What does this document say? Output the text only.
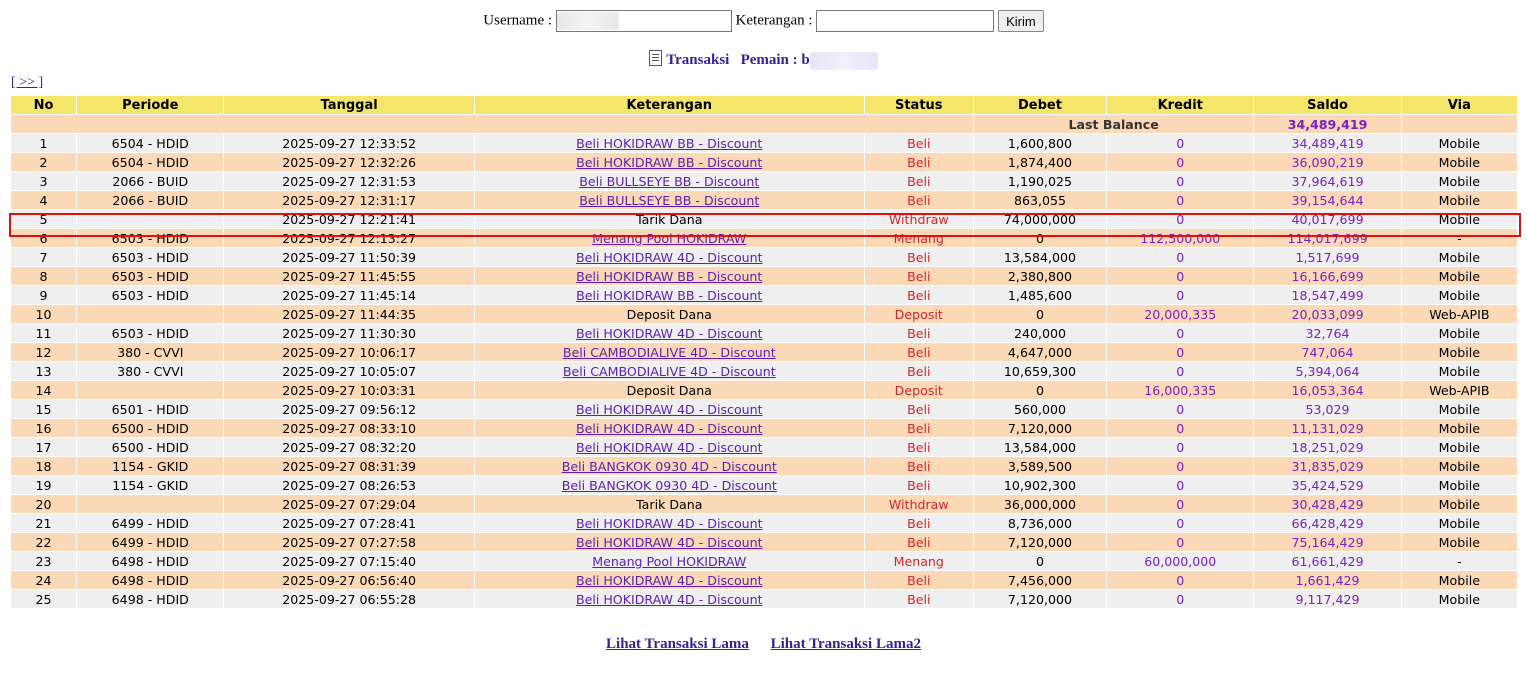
Username : b	Keterangan :	Kirim
Transaksi Pemain : b
[ >> ]
No	Periode	Tanggal	Keterangan	Status	Debet	Kredit	Saldo	Via
					Last Balance		34,489,419	
1	6504 - HDID	2025-09-27 12:33:52	Beli HOKIDRAW BB - Discount	Beli	1,600,800	0	34,489,419	Mobile
2	6504 - HDID	2025-09-27 12:32:26	Beli HOKIDRAW BB - Discount	Beli	1,874,400	0	36,090,219	Mobile
3	2066 - BUID	2025-09-27 12:31:53	Beli BULLSEYE BB - Discount	Beli	1,190,025	0	37,964,619	Mobile
4	2066 - BUID	2025-09-27 12:31:17	Beli BULLSEYE BB - Discount	Beli	863,055	0	39,154,644	Mobile
5		2025-09-27 12:21:41	Tarik Dana	Withdraw	74,000,000	0	40,017,699	Mobile
6	6503 - HDID	2025-09-27 12:13:27	Menang Pool HOKIDRAW	Menang	0	112,500,000	114,017,699	-
7	6503 - HDID	2025-09-27 11:50:39	Beli HOKIDRAW 4D - Discount	Beli	13,584,000	0	1,517,699	Mobile
8	6503 - HDID	2025-09-27 11:45:55	Beli HOKIDRAW BB - Discount	Beli	2,380,800	0	16,166,699	Mobile
9	6503 - HDID	2025-09-27 11:45:14	Beli HOKIDRAW BB - Discount	Beli	1,485,600	0	18,547,499	Mobile
10		2025-09-27 11:44:35	Deposit Dana	Deposit	0	20,000,335	20,033,099	Web-APIB
11	6503 - HDID	2025-09-27 11:30:30	Beli HOKIDRAW 4D - Discount	Beli	240,000	0	32,764	Mobile
12	380 - CVVI	2025-09-27 10:06:17	Beli CAMBODIALIVE 4D - Discount	Beli	4,647,000	0	747,064	Mobile
13	380 - CVVI	2025-09-27 10:05:07	Beli CAMBODIALIVE 4D - Discount	Beli	10,659,300	0	5,394,064	Mobile
14		2025-09-27 10:03:31	Deposit Dana	Deposit	0	16,000,335	16,053,364	Web-APIB
15	6501 - HDID	2025-09-27 09:56:12	Beli HOKIDRAW 4D - Discount	Beli	560,000	0	53,029	Mobile
16	6500 - HDID	2025-09-27 08:33:10	Beli HOKIDRAW 4D - Discount	Beli	7,120,000	0	11,131,029	Mobile
17	6500 - HDID	2025-09-27 08:32:20	Beli HOKIDRAW 4D - Discount	Beli	13,584,000	0	18,251,029	Mobile
18	1154 - GKID	2025-09-27 08:31:39	Beli BANGKOK 0930 4D - Discount	Beli	3,589,500	0	31,835,029	Mobile
19	1154 - GKID	2025-09-27 08:26:53	Beli BANGKOK 0930 4D - Discount	Beli	10,902,300	0	35,424,529	Mobile
20		2025-09-27 07:29:04	Tarik Dana	Withdraw	36,000,000	0	30,428,429	Mobile
21	6499 - HDID	2025-09-27 07:28:41	Beli HOKIDRAW 4D - Discount	Beli	8,736,000	0	66,428,429	Mobile
22	6499 - HDID	2025-09-27 07:27:58	Beli HOKIDRAW 4D - Discount	Beli	7,120,000	0	75,164,429	Mobile
23	6498 - HDID	2025-09-27 07:15:40	Menang Pool HOKIDRAW	Menang	0	60,000,000	61,661,429	-
24	6498 - HDID	2025-09-27 06:56:40	Beli HOKIDRAW 4D - Discount	Beli	7,456,000	0	1,661,429	Mobile
25	6498 - HDID	2025-09-27 06:55:28	Beli HOKIDRAW 4D - Discount	Beli	7,120,000	0	9,117,429	Mobile
Lihat Transaksi Lama Lihat Transaksi Lama2
